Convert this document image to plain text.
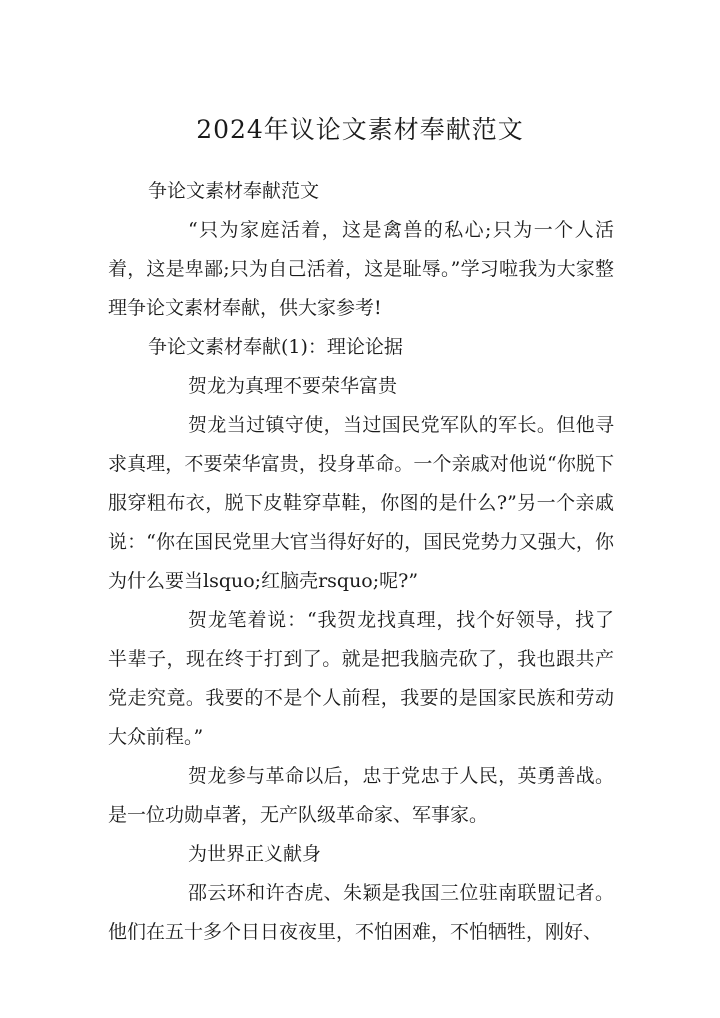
2024年议论文素材奉献范文

争论文素材奉献范文

“只为家庭活着，这是禽兽的私心;只为一个人活着，这是卑鄙;只为自己活着，这是耻辱。”学习啦我为大家整理争论文素材奉献，供大家参考!

争论文素材奉献(1)：理论论据

贺龙为真理不要荣华富贵

贺龙当过镇守使，当过国民党军队的军长。但他寻求真理，不要荣华富贵，投身革命。一个亲戚对他说“你脱下服穿粗布衣，脱下皮鞋穿草鞋，你图的是什么?”另一个亲戚说：“你在国民党里大官当得好好的，国民党势力又强大，你为什么要当lsquo;红脑壳rsquo;呢?”

贺龙笔着说：“我贺龙找真理，找个好领导，找了半辈子，现在终于打到了。就是把我脑壳砍了，我也跟共产党走究竟。我要的不是个人前程，我要的是国家民族和劳动大众前程。”

贺龙参与革命以后，忠于党忠于人民，英勇善战。是一位功勋卓著，无产队级革命家、军事家。

为世界正义献身

邵云环和许杏虎、朱颖是我国三位驻南联盟记者。他们在五十多个日日夜夜里，不怕困难，不怕牺牲，刚好、
